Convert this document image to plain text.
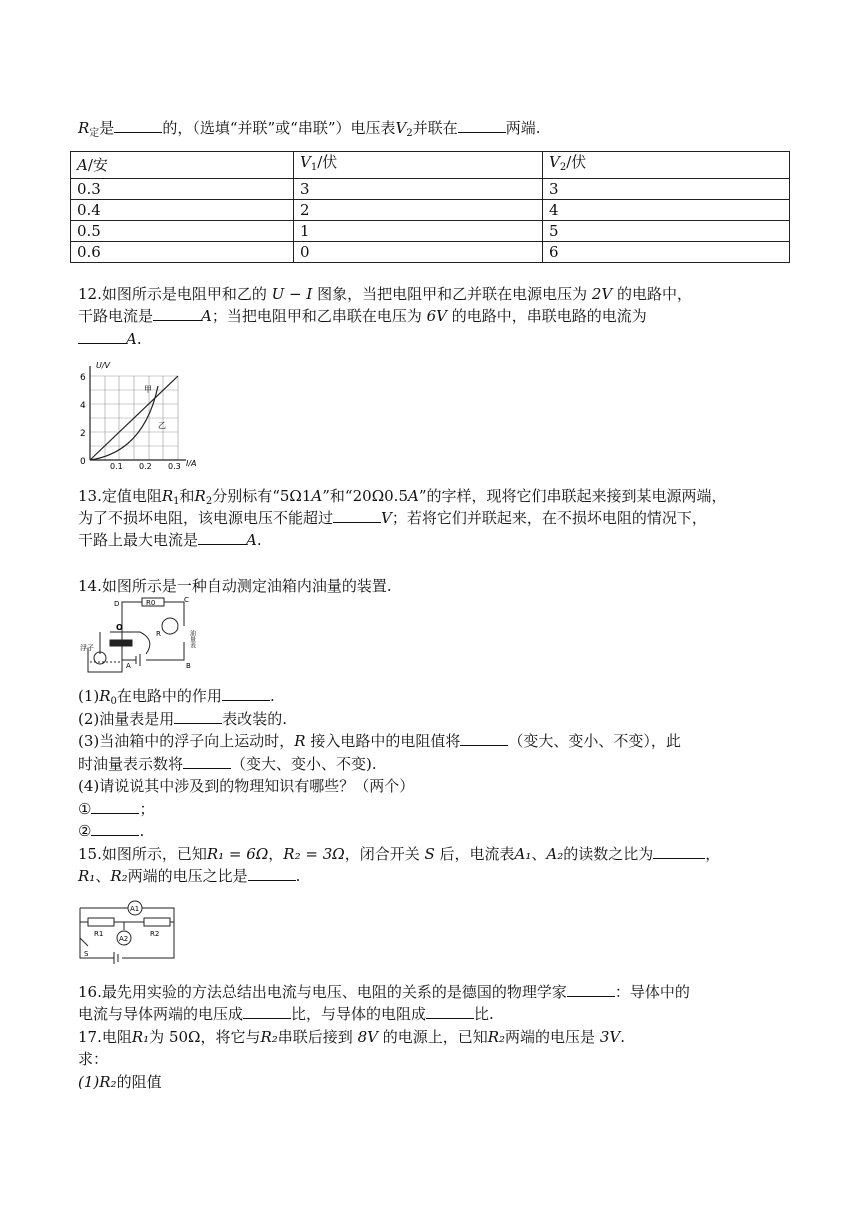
$R_定$是	的，（选填“并联”或“串联”）电压表$V_2$并联在	两端.
A/安	$V_1/$伏	$V_2/$伏
0.3	3	3
0.4	2	4
0.5	1	5
0.6	0	6
12.如图所示是电阻甲和乙的 U − I 图象，当把电阻甲和乙并联在电源电压为 2V 的电路中，
干路电流是	A；当把电阻甲和乙串联在电压为 6V 的电路中，串联电路的电流为
A.
U/V
I/A
0
2
4
6
0.1 0.2 0.3
甲
乙
13.定值电阻$R_1$和$R_2$分别标有“5Ω1A”和“20Ω0.5A”的字样，现将它们串联起来接到某电源两端，
为了不损坏电阻，该电源电压不能超过	V；若将它们并联起来，在不损坏电阻的情况下，
干路上最大电流是	A.
14.如图所示是一种自动测定油箱内油量的装置.
D	R0	C
O
R	油量表
浮子
A	B
$(1)R_0$在电路中的作用	.
(2)油量表是用	表改装的.
(3)当油箱中的浮子向上运动时，R 接入电路中的电阻值将	（变大、变小、不变），此
时油量表示数将	（变大、变小、不变).
(4)请说说其中涉及到的物理知识有哪些？（两个）
①	；
②	.
15.如图所示，已知R₁ = 6Ω，R₂ = 3Ω，闭合开关 S 后，电流表A₁、A₂的读数之比为	，
R₁、R₂两端的电压之比是	.
A1
A2
R1	R2
S
16.最先用实验的方法总结出电流与电压、电阻的关系的是德国的物理学家	：导体中的
电流与导体两端的电压成	比，与导体的电阻成	比.
17.电阻R₁为 50Ω，将它与R₂串联后接到 8V 的电源上，已知R₂两端的电压是 3V.
求：
(1)R₂的阻值
